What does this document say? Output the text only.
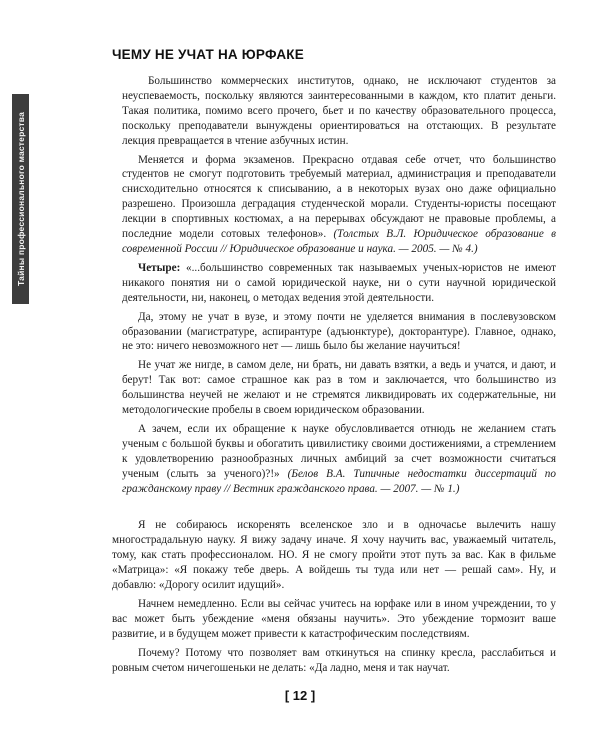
Тайны профессионального мастерства
ЧЕМУ НЕ УЧАТ НА ЮРФАКЕ

Большинство коммерческих институтов, однако, не исключают студентов за неуспеваемость, поскольку являются заинтересованными в каждом, кто платит деньги. Такая политика, помимо всего прочего, бьет и по качеству образовательного процесса, поскольку преподаватели вынуждены ориентироваться на отстающих. В результате лекция превращается в чтение азбучных истин.

Меняется и форма экзаменов. Прекрасно отдавая себе отчет, что большинство студентов не смогут подготовить требуемый материал, администрация и преподаватели снисходительно относятся к списыванию, а в некоторых вузах оно даже официально разрешено. Произошла деградация студенческой морали. Студенты-юристы посещают лекции в спортивных костюмах, а на перерывах обсуждают не правовые проблемы, а последние модели сотовых телефонов». (Толстых В.Л. Юридическое образование в современной России // Юридическое образование и наука. — 2005. — № 4.)

Четыре: «...большинство современных так называемых ученых-юристов не имеют никакого понятия ни о самой юридической науке, ни о сути научной юридической деятельности, ни, наконец, о методах ведения этой деятельности.

Да, этому не учат в вузе, и этому почти не уделяется внимания в послевузовском образовании (магистратуре, аспирантуре (адъюнктуре), докторантуре). Главное, однако, не это: ничего невозможного нет — лишь было бы желание научиться!

Не учат же нигде, в самом деле, ни брать, ни давать взятки, а ведь и учатся, и дают, и берут! Так вот: самое страшное как раз в том и заключается, что большинство из большинства неучей не желают и не стремятся ликвидировать их содержательные, ни методологические пробелы в своем юридическом образовании.

А зачем, если их обращение к науке обусловливается отнюдь не желанием стать ученым с большой буквы и обогатить цивилистику своими достижениями, а стремлением к удовлетворению разнообразных личных амбиций за счет возможности считаться ученым (слыть за ученого)?!» (Белов В.А. Типичные недостатки диссертаций по гражданскому праву // Вестник гражданского права. — 2007. — № 1.)

Я не собираюсь искоренять вселенское зло и в одночасье вылечить нашу многострадальную науку. Я вижу задачу иначе. Я хочу научить вас, уважаемый читатель, тому, как стать профессионалом. НО. Я не смогу пройти этот путь за вас. Как в фильме «Матрица»: «Я покажу тебе дверь. А войдешь ты туда или нет — решай сам». Ну, и добавлю: «Дорогу осилит идущий».

Начнем немедленно. Если вы сейчас учитесь на юрфаке или в ином учреждении, то у вас может быть убеждение «меня обязаны научить». Это убеждение тормозит ваше развитие, и в будущем может привести к катастрофическим последствиям.

Почему? Потому что позволяет вам откинуться на спинку кресла, расслабиться и ровным счетом ничегошеньки не делать: «Да ладно, меня и так научат.

[ 12 ]
